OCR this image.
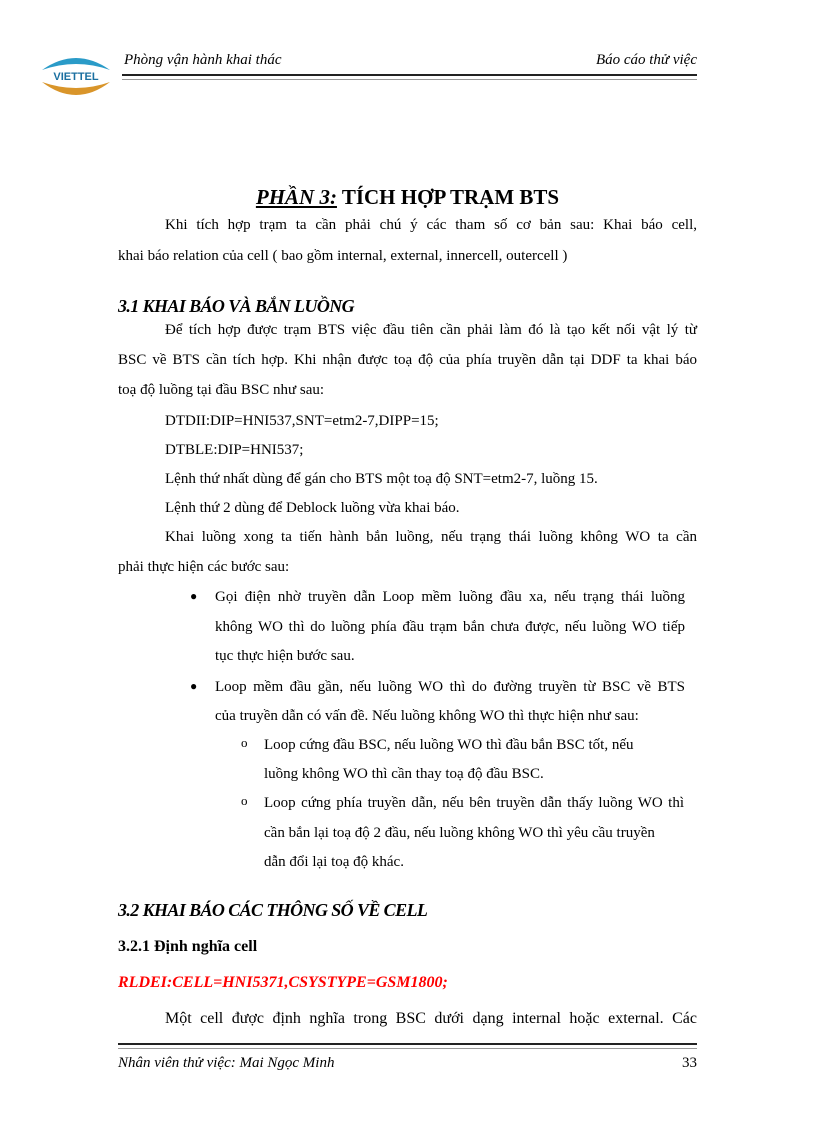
VIETTEL
Phòng vận hành khai thác	Báo cáo thử việc
PHẦN 3: TÍCH HỢP TRẠM BTS
Khi tích hợp trạm ta cần phải chú ý các tham số cơ bản sau: Khai báo cell,
khai báo relation của cell ( bao gồm internal, external, innercell, outercell )
3.1 KHAI BÁO VÀ BẮN LUỒNG
Để tích hợp được trạm BTS việc đầu tiên cần phải làm đó là tạo kết nối vật lý từ
BSC về BTS cần tích hợp. Khi nhận được toạ độ của phía truyền dẫn tại DDF ta khai báo
toạ độ luồng tại đầu BSC như sau:
DTDII:DIP=HNI537,SNT=etm2-7,DIPP=15;
DTBLE:DIP=HNI537;
Lệnh thứ nhất dùng để gán cho BTS một toạ độ SNT=etm2-7, luồng 15.
Lệnh thứ 2 dùng để Deblock luồng vừa khai báo.
Khai luồng xong ta tiến hành bắn luồng, nếu trạng thái luồng không WO ta cần
phải thực hiện các bước sau:
● Gọi điện nhờ truyền dẫn Loop mềm luồng đầu xa, nếu trạng thái luồng
không WO thì do luồng phía đầu trạm bắn chưa được, nếu luồng WO tiếp
tục thực hiện bước sau.
● Loop mềm đầu gần, nếu luồng WO thì do đường truyền từ BSC về BTS
của truyền dẫn có vấn đề. Nếu luồng không WO thì thực hiện như sau:
o Loop cứng đầu BSC, nếu luồng WO thì đầu bắn BSC tốt, nếu
luồng không WO thì cần thay toạ độ đầu BSC.
o Loop cứng phía truyền dẫn, nếu bên truyền dẫn thấy luồng WO thì
cần bắn lại toạ độ 2 đầu, nếu luồng không WO thì yêu cầu truyền
dẫn đổi lại toạ độ khác.
3.2 KHAI BÁO CÁC THÔNG SỐ VỀ CELL
3.2.1 Định nghĩa cell
RLDEI:CELL=HNI5371,CSYSTYPE=GSM1800;
Một cell được định nghĩa trong BSC dưới dạng internal hoặc external. Các
Nhân viên thử việc: Mai Ngọc Minh	33
